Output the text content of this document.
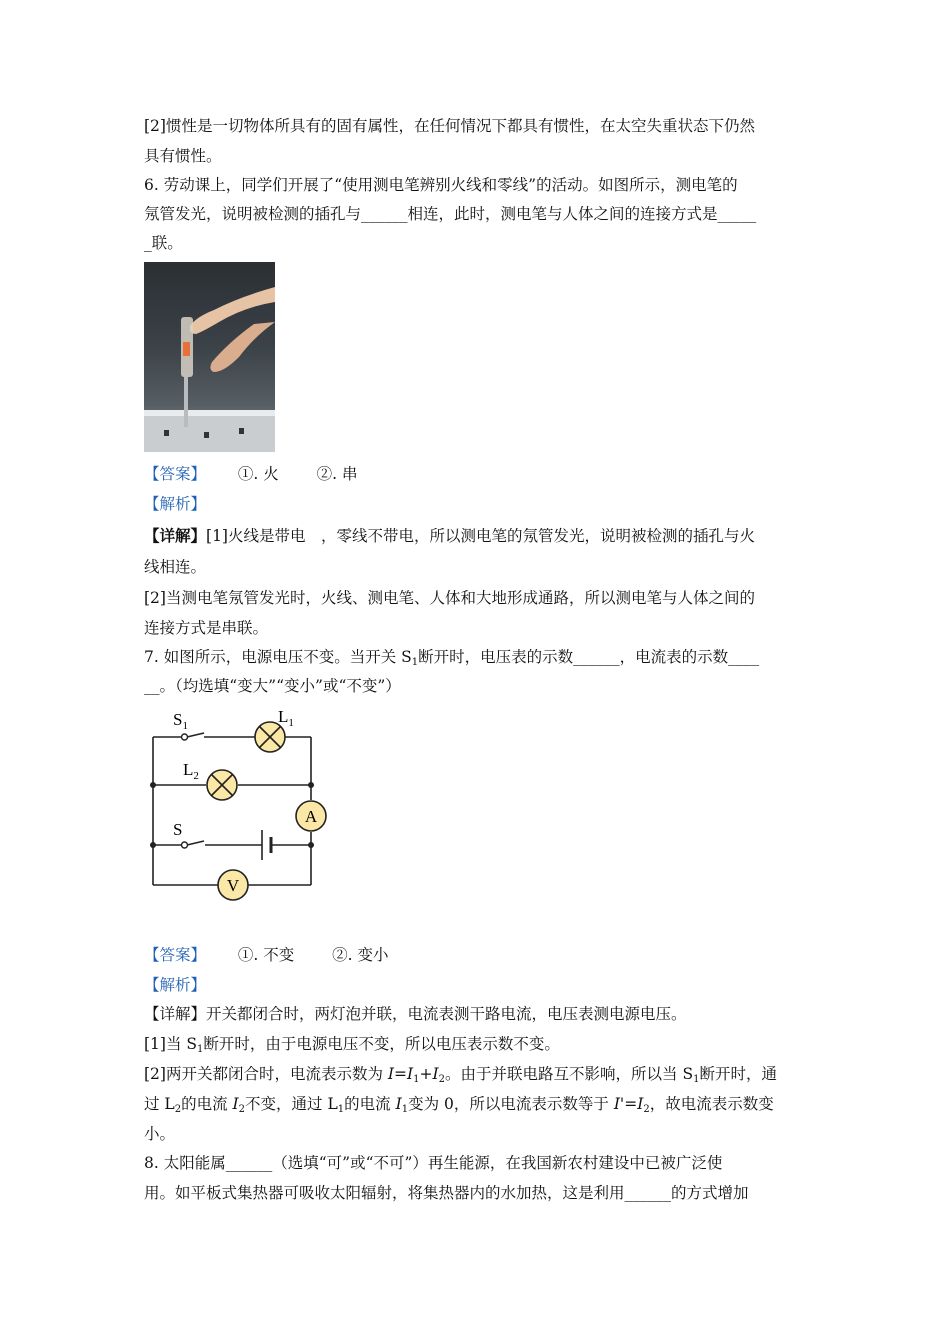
[2]惯性是一切物体所具有的固有属性，在任何情况下都具有惯性，在太空失重状态下仍然
具有惯性。
6. 劳动课上，同学们开展了“使用测电笔辨别火线和零线”的活动。如图所示，测电笔的
氖管发光，说明被检测的插孔与______相连，此时，测电笔与人体之间的连接方式是_____
_联。
【答案】 ①. 火 ②. 串
【解析】
【详解】[1]火线是带电　，零线不带电，所以测电笔的氖管发光，说明被检测的插孔与火
线相连。
[2]当测电笔氖管发光时，火线、测电笔、人体和大地形成通路，所以测电笔与人体之间的
连接方式是串联。
7. 如图所示，电源电压不变。当开关 $S_1$断开时，电压表的示数______，电流表的示数____
__。（均选填“变大”“变小”或“不变”）
A
V
$S_1$	$L_1$
$L_2$
S
【答案】 ①. 不变 ②. 变小
【解析】
【详解】开关都闭合时，两灯泡并联，电流表测干路电流，电压表测电源电压。
[1]当 $S_1$断开时，由于电源电压不变，所以电压表示数不变。
[2]两开关都闭合时，电流表示数为 $I=I_1+I_2$。由于并联电路互不影响，所以当 $S_1$断开时，通
过 $L_2$的电流 $I_2$不变，通过 $L_1$的电流 $I_1$变为 0，所以电流表示数等于 $I'=I_2$，故电流表示数变
小。
8. 太阳能属______（选填“可”或“不可”）再生能源，在我国新农村建设中已被广泛使
用。如平板式集热器可吸收太阳辐射，将集热器内的水加热，这是利用______的方式增加
